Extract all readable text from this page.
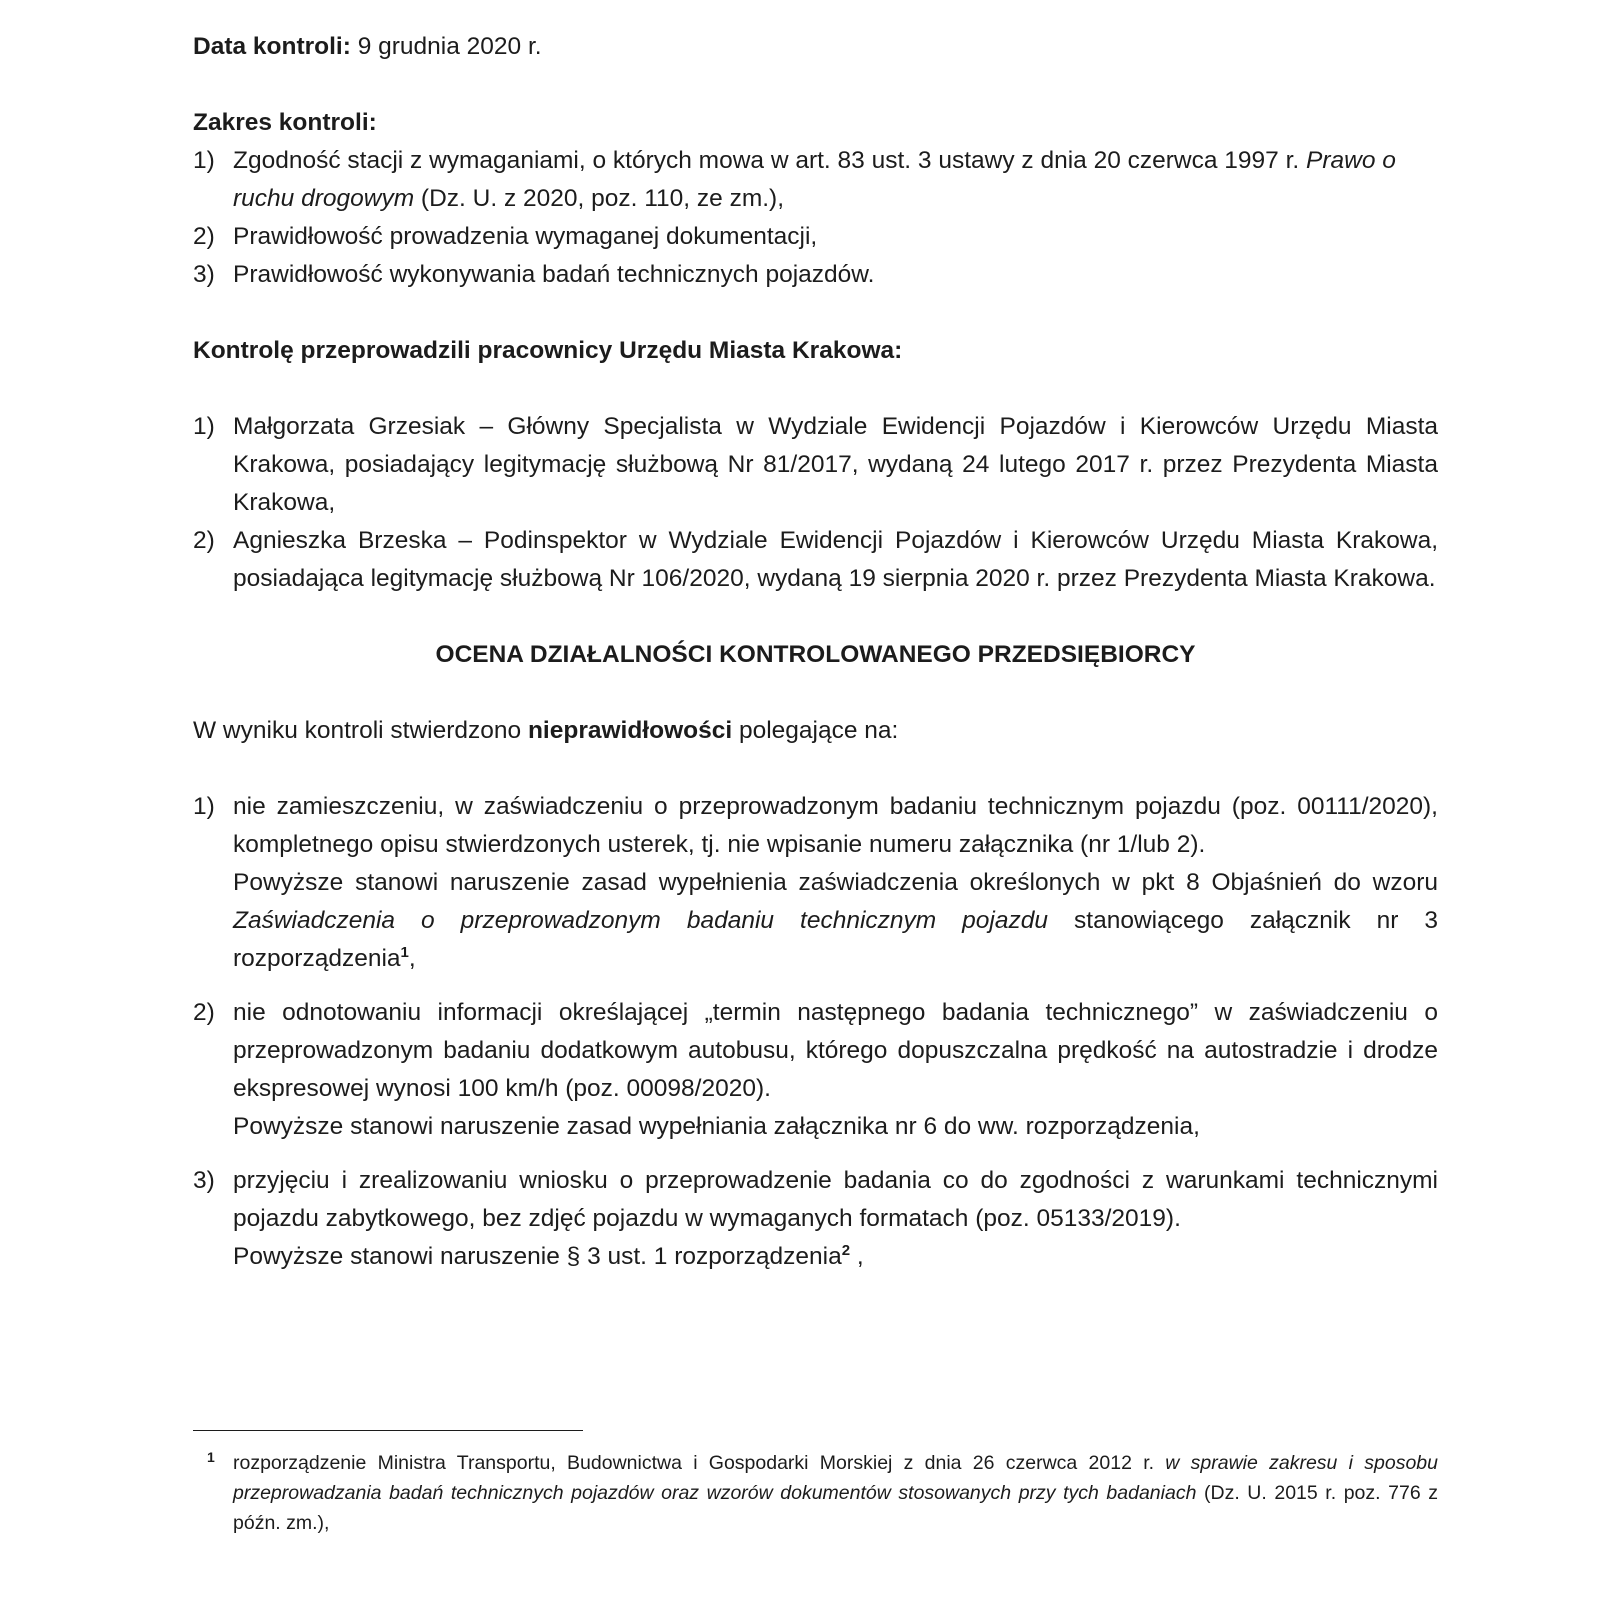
Data kontroli: 9 grudnia 2020 r.

Zakres kontroli:

1) Zgodność stacji z wymaganiami, o których mowa w art. 83 ust. 3 ustawy z dnia 20 czerwca 1997 r. Prawo o ruchu drogowym (Dz. U. z 2020, poz. 110, ze zm.),
2) Prawidłowość prowadzenia wymaganej dokumentacji,
3) Prawidłowość wykonywania badań technicznych pojazdów.

Kontrolę przeprowadzili pracownicy Urzędu Miasta Krakowa:

1) Małgorzata Grzesiak – Główny Specjalista w Wydziale Ewidencji Pojazdów i Kierowców Urzędu Miasta Krakowa, posiadający legitymację służbową Nr 81/2017, wydaną 24 lutego 2017 r. przez Prezydenta Miasta Krakowa,
2) Agnieszka Brzeska – Podinspektor w Wydziale Ewidencji Pojazdów i Kierowców Urzędu Miasta Krakowa, posiadająca legitymację służbową Nr 106/2020, wydaną 19 sierpnia 2020 r. przez Prezydenta Miasta Krakowa.

OCENA DZIAŁALNOŚCI KONTROLOWANEGO PRZEDSIĘBIORCY

W wyniku kontroli stwierdzono nieprawidłowości polegające na:

1) nie zamieszczeniu, w zaświadczeniu o przeprowadzonym badaniu technicznym pojazdu (poz. 00111/2020), kompletnego opisu stwierdzonych usterek, tj. nie wpisanie numeru załącznika (nr 1/lub 2).
Powyższe stanowi naruszenie zasad wypełnienia zaświadczenia określonych w pkt 8 Objaśnień do wzoru Zaświadczenia o przeprowadzonym badaniu technicznym pojazdu stanowiącego załącznik nr 3 rozporządzenia$^1$,
2) nie odnotowaniu informacji określającej „termin następnego badania technicznego” w zaświadczeniu o przeprowadzonym badaniu dodatkowym autobusu, którego dopuszczalna prędkość na autostradzie i drodze ekspresowej wynosi 100 km/h (poz. 00098/2020).
Powyższe stanowi naruszenie zasad wypełniania załącznika nr 6 do ww. rozporządzenia,
3) przyjęciu i zrealizowaniu wniosku o przeprowadzenie badania co do zgodności z warunkami technicznymi pojazdu zabytkowego, bez zdjęć pojazdu w wymaganych formatach (poz. 05133/2019).
Powyższe stanowi naruszenie § 3 ust. 1 rozporządzenia$^2$ ,
1 rozporządzenie Ministra Transportu, Budownictwa i Gospodarki Morskiej z dnia 26 czerwca 2012 r. w sprawie zakresu i sposobu przeprowadzania badań technicznych pojazdów oraz wzorów dokumentów stosowanych przy tych badaniach (Dz. U. 2015 r. poz. 776 z późn. zm.),
